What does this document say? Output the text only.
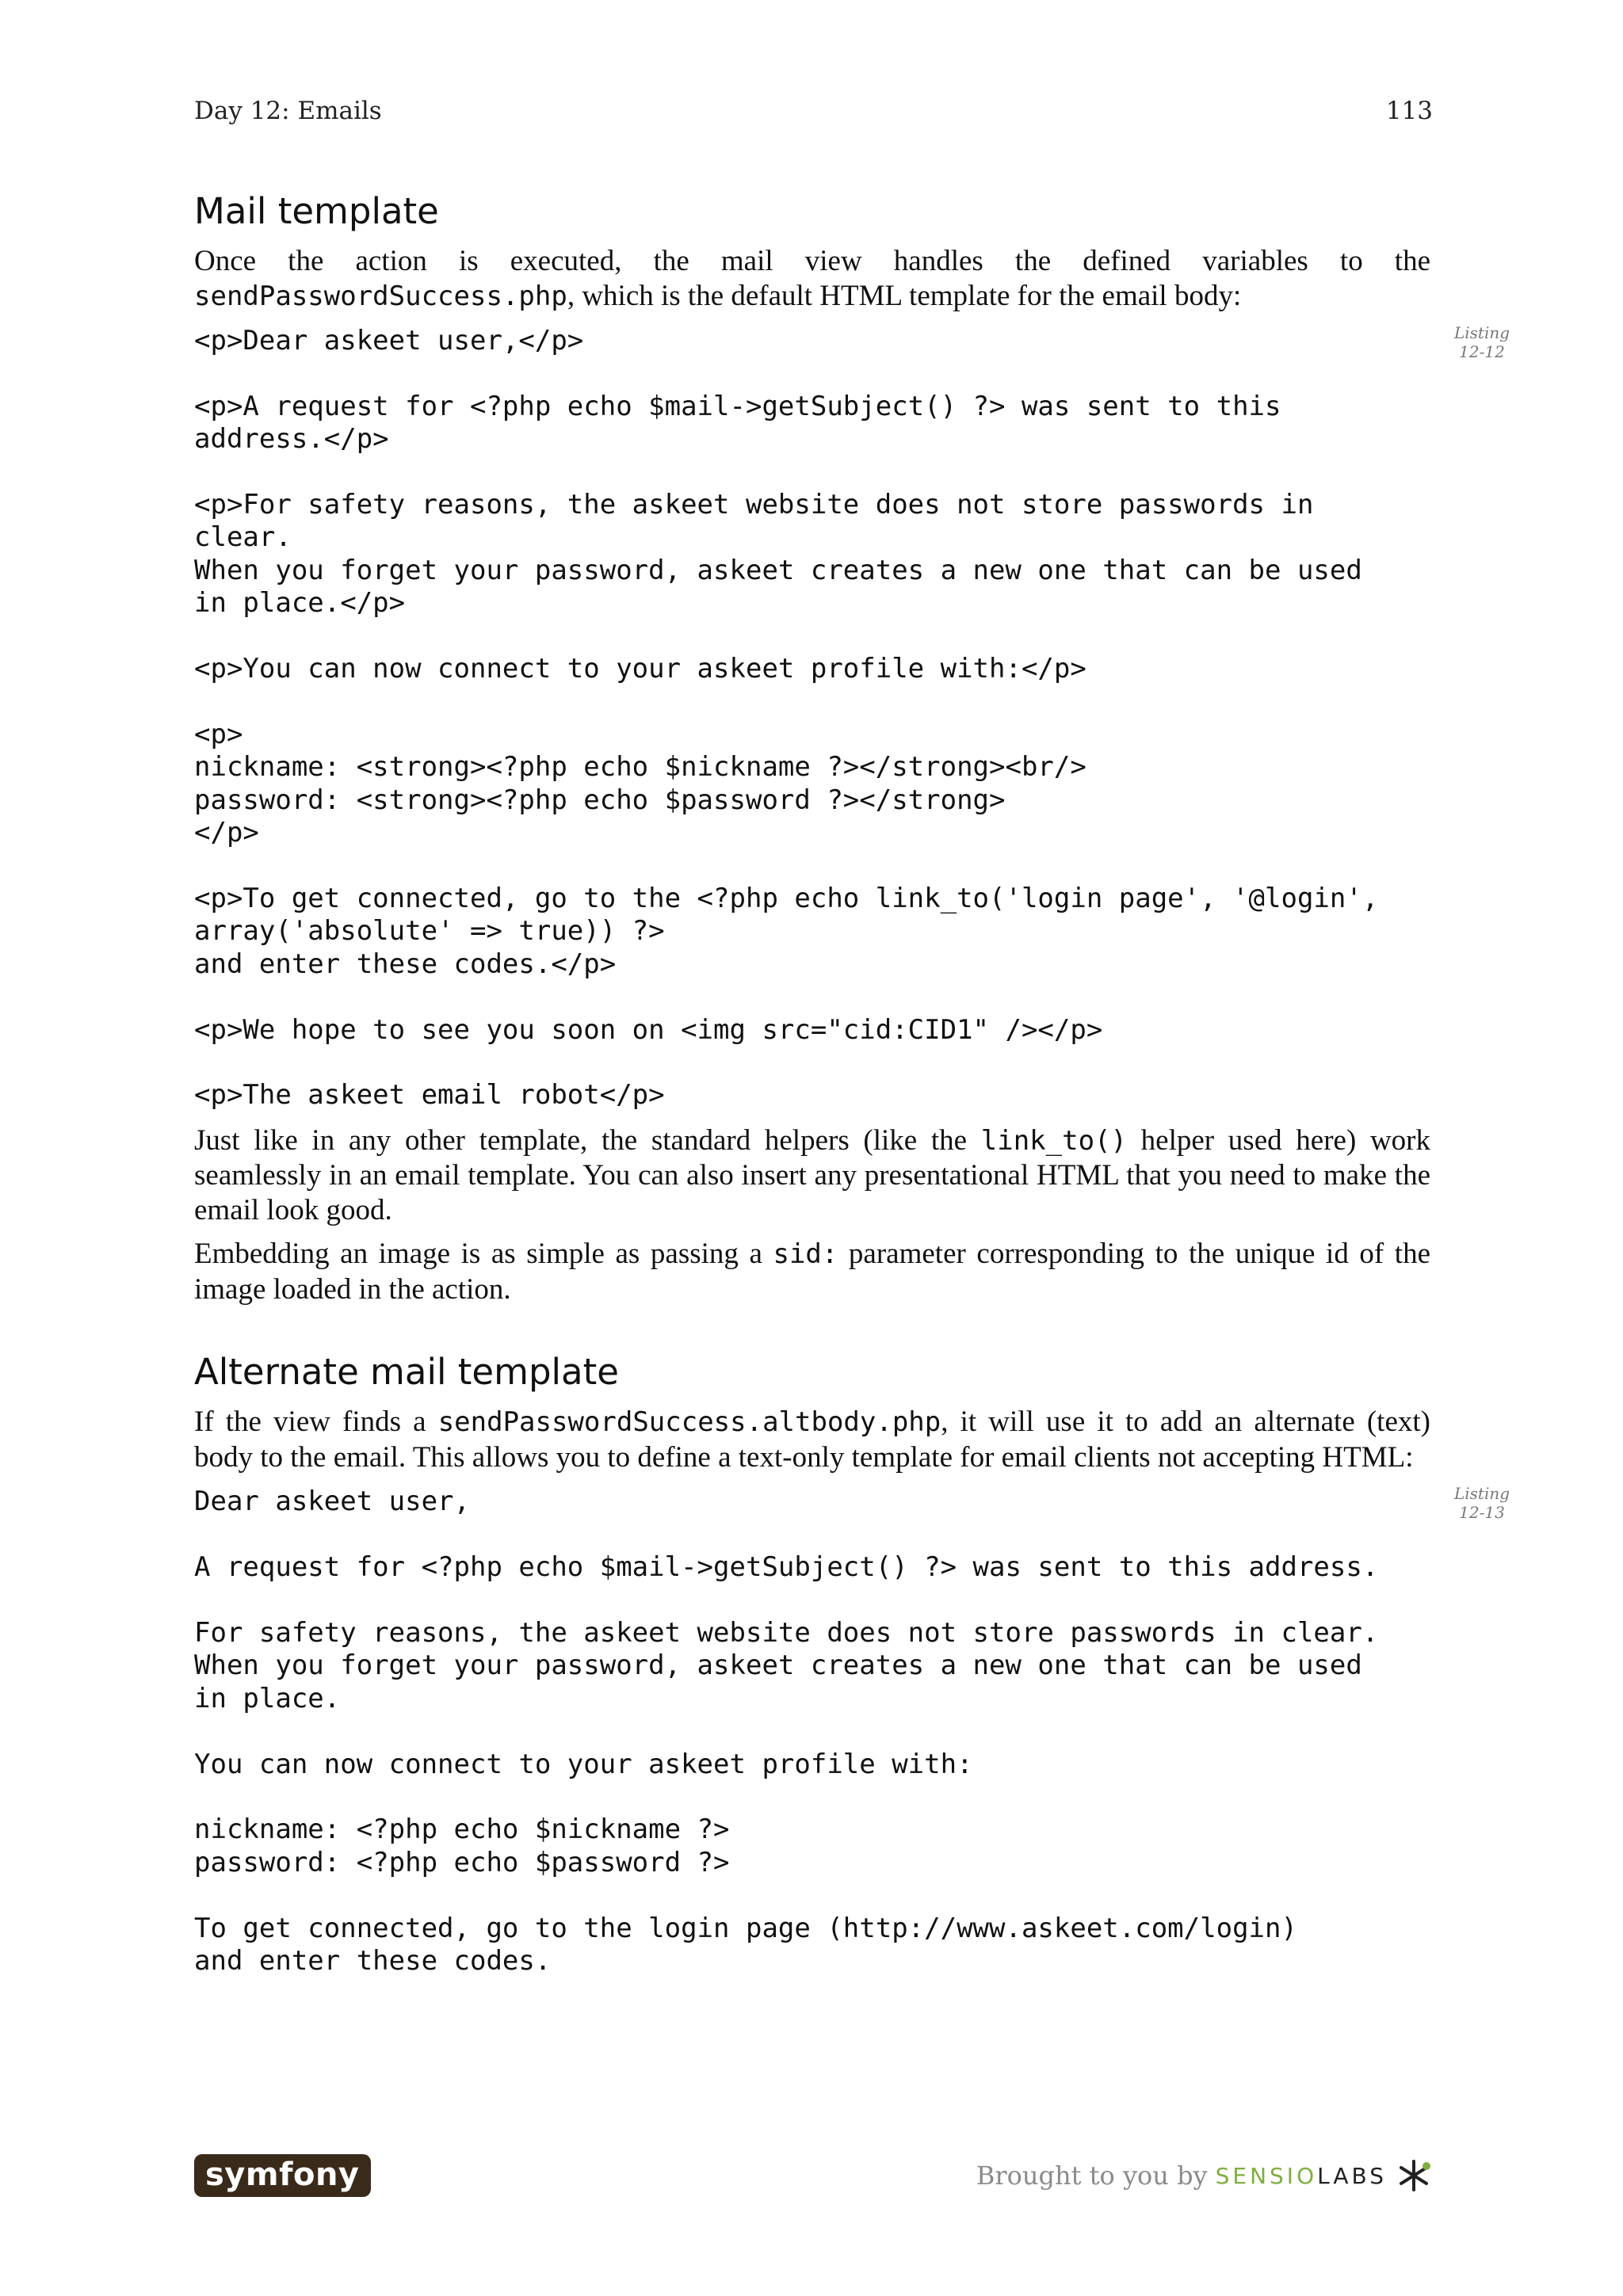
Day 12: Emails	113
Mail template

Once the action is executed, the mail view handles the defined variables to the sendPasswordSuccess.php, which is the default HTML template for the email body:

<p>Dear askeet user,</p>

<p>A request for <?php echo $mail->getSubject() ?> was sent to this
address.</p>

<p>For safety reasons, the askeet website does not store passwords in
clear.
When you forget your password, askeet creates a new one that can be used
in place.</p>

<p>You can now connect to your askeet profile with:</p>

<p>
nickname: <strong><?php echo $nickname ?></strong><br/>
password: <strong><?php echo $password ?></strong>
</p>

<p>To get connected, go to the <?php echo link_to('login page', '@login',
array('absolute' => true)) ?>
and enter these codes.</p>

<p>We hope to see you soon on <img src="cid:CID1" /></p>

<p>The askeet email robot</p>
Listing
12-12

Just like in any other template, the standard helpers (like the link_to() helper used here) work seamlessly in an email template. You can also insert any presentational HTML that you need to make the email look good.

Embedding an image is as simple as passing a sid: parameter corresponding to the unique id of the image loaded in the action.

Alternate mail template

If the view finds a sendPasswordSuccess.altbody.php, it will use it to add an alternate (text) body to the email. This allows you to define a text-only template for email clients not accepting HTML:

Dear askeet user,

A request for <?php echo $mail->getSubject() ?> was sent to this address.

For safety reasons, the askeet website does not store passwords in clear.
When you forget your password, askeet creates a new one that can be used
in place.

You can now connect to your askeet profile with:

nickname: <?php echo $nickname ?>
password: <?php echo $password ?>

To get connected, go to the login page (http://www.askeet.com/login)
and enter these codes.
Listing
12-13
symfony	Brought to you by SENSIOLABS
